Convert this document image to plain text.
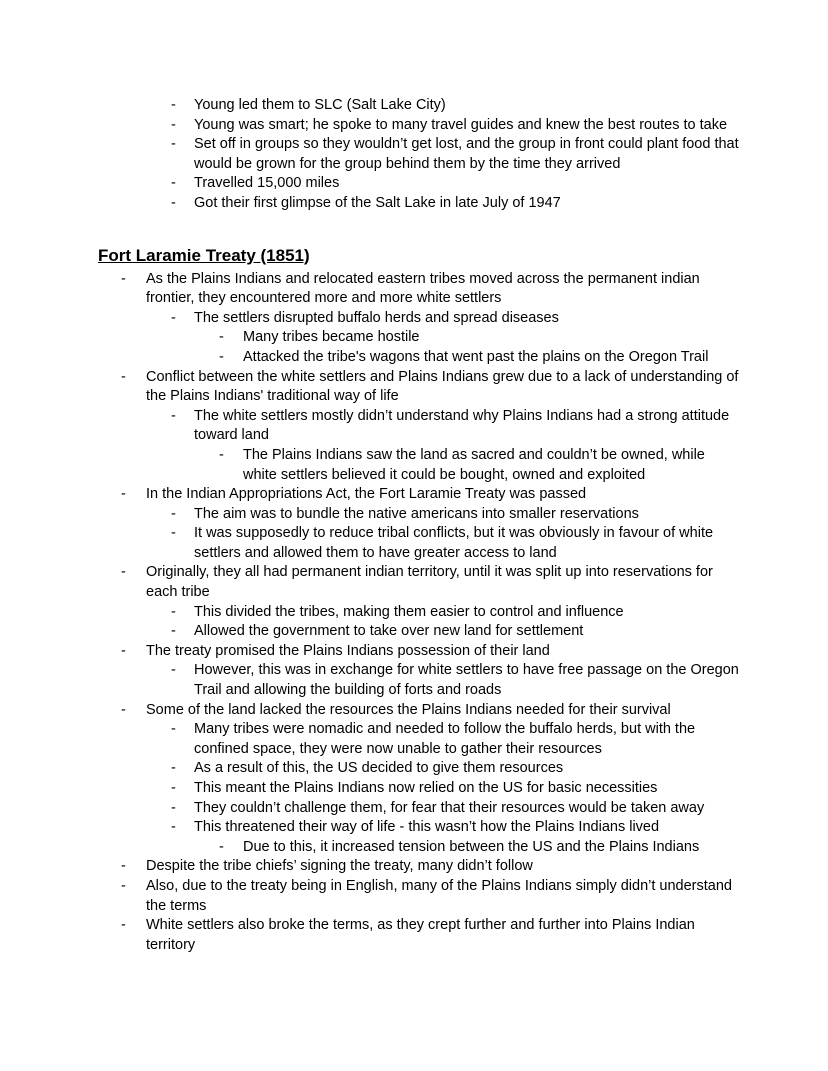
- Young led them to SLC (Salt Lake City)
- Young was smart; he spoke to many travel guides and knew the best routes to take
- Set off in groups so they wouldn’t get lost, and the group in front could plant food that would be grown for the group behind them by the time they arrived
- Travelled 15,000 miles
- Got their first glimpse of the Salt Lake in late July of 1947
Fort Laramie Treaty (1851)
- As the Plains Indians and relocated eastern tribes moved across the permanent indian frontier, they encountered more and more white settlers
- The settlers disrupted buffalo herds and spread diseases
- Many tribes became hostile
- Attacked the tribe's wagons that went past the plains on the Oregon Trail
- Conflict between the white settlers and Plains Indians grew due to a lack of understanding of the Plains Indians' traditional way of life
- The white settlers mostly didn’t understand why Plains Indians had a strong attitude toward land
- The Plains Indians saw the land as sacred and couldn’t be owned, while white settlers believed it could be bought, owned and exploited
- In the Indian Appropriations Act, the Fort Laramie Treaty was passed
- The aim was to bundle the native americans into smaller reservations
- It was supposedly to reduce tribal conflicts, but it was obviously in favour of white settlers and allowed them to have greater access to land
- Originally, they all had permanent indian territory, until it was split up into reservations for each tribe
- This divided the tribes, making them easier to control and influence
- Allowed the government to take over new land for settlement
- The treaty promised the Plains Indians possession of their land
- However, this was in exchange for white settlers to have free passage on the Oregon Trail and allowing the building of forts and roads
- Some of the land lacked the resources the Plains Indians needed for their survival
- Many tribes were nomadic and needed to follow the buffalo herds, but with the confined space, they were now unable to gather their resources
- As a result of this, the US decided to give them resources
- This meant the Plains Indians now relied on the US for basic necessities
- They couldn’t challenge them, for fear that their resources would be taken away
- This threatened their way of life - this wasn’t how the Plains Indians lived
- Due to this, it increased tension between the US and the Plains Indians
- Despite the tribe chiefs’ signing the treaty, many didn’t follow
- Also, due to the treaty being in English, many of the Plains Indians simply didn’t understand the terms
- White settlers also broke the terms, as they crept further and further into Plains Indian territory
